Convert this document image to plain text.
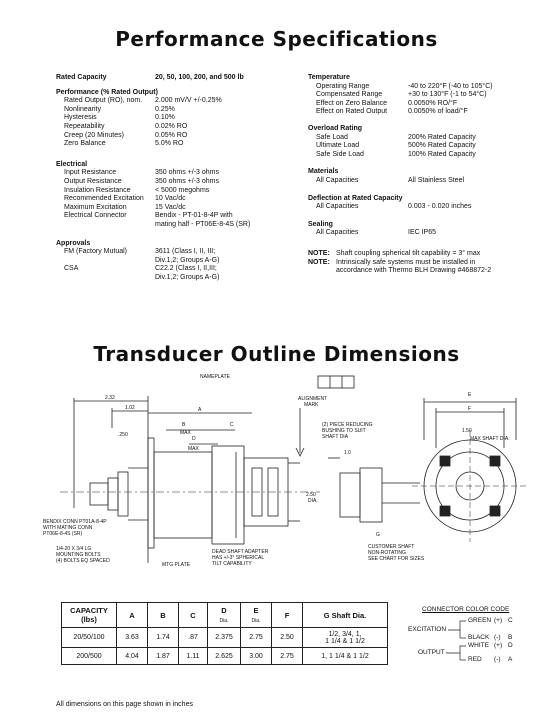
Performance Specifications
Rated Capacity	20, 50, 100, 200, and 500 lb
Performance (% Rated Output)
Rated Output (RO), nom. 2.000 mV/V +/-0.25%
Nonlinearity	0.25%
Hysteresis	0.10%
Repeatability	0.02% RO
Creep (20 Minutes)	0.05% RO
Zero Balance	5.0% RO
Electrical
Input Resistance	350 ohms +/-3 ohms
Output Resistance	350 ohms +/-3 ohms
Insulation Resistance	< 5000 megohms
Recommended Excitation 10 Vac/dc
Maximum Excitation	15 Vac/dc
Electrical Connector	Bendix - PT-01-8-4P with
mating half - PT06E-8-4S (SR)
Approvals
FM (Factory Mutual)	3611 (Class I, II, III;
Div.1,2; Groups A-G)
CSA	C22.2 (Class I, II,III;
Div.1,2; Groups A-G)
Temperature
Operating Range	-40 to 220°F (-40 to 105°C)
Compensated Range	+30 to 130°F (-1 to 54°C)
Effect on Zero Balance	0.0050% RO/°F
Effect on Rated Output	0.0050% of load/°F
Overload Rating
Safe Load	200% Rated Capacity
Ultimate Load	500% Rated Capacity
Safe Side Load	100% Rated Capacity
Materials
All Capacities	All Stainless Steel
Deflection at Rated Capacity
All Capacities	0.003 - 0.020 inches
Sealing
All Capacities	IEC IP65
NOTE: Shaft coupling spherical tilt capability = 3° max
NOTE: Intrinsically safe systems must be installed in
accordance with Thermo BLH Drawing #468872-2
Transducer Outline Dimensions
NAMEPLATE
ALIGNMENT
MARK
2.32
1.02
.250
A
B
MAX
C
D
MAX
E
F
1.0
1.50
MAX SHAFT DIA.
2.50
DIA.
(2) PIECE REDUCING
BUSHING TO SUIT
SHAFT DIA
G
CUSTOMER SHAFT
NON-ROTATING
SEE CHART FOR SIZES
BENDIX CONN PT01A-8-4P
WITH MATING CONN
PT06E-8-4S (SR)
1/4-20 X 3/4 LG
MOUNTING BOLTS
(4) BOLTS EQ SPACED
MTG PLATE
DEAD SHAFT ADAPTER
HAS +/-3° SPHERICAL
TILT CAPABILITY
CAPACITY (lbs)	A	B	C	D
Dia.	E
Dia.	F	G Shaft Dia.
20/50/100	3.63	1.74	.87	2.375	2.75	2.50	1/2, 3/4, 1,
1 1/4 & 1 1/2
200/500	4.04	1.87	1.11	2.625	3.00	2.75	1, 1 1/4 & 1 1/2
CONNECTOR COLOR CODE
EXCITATION
OUTPUT
GREEN (+) C
BLACK (-) B
WHITE (+) D
RED (-) A
All dimensions on this page shown in inches
